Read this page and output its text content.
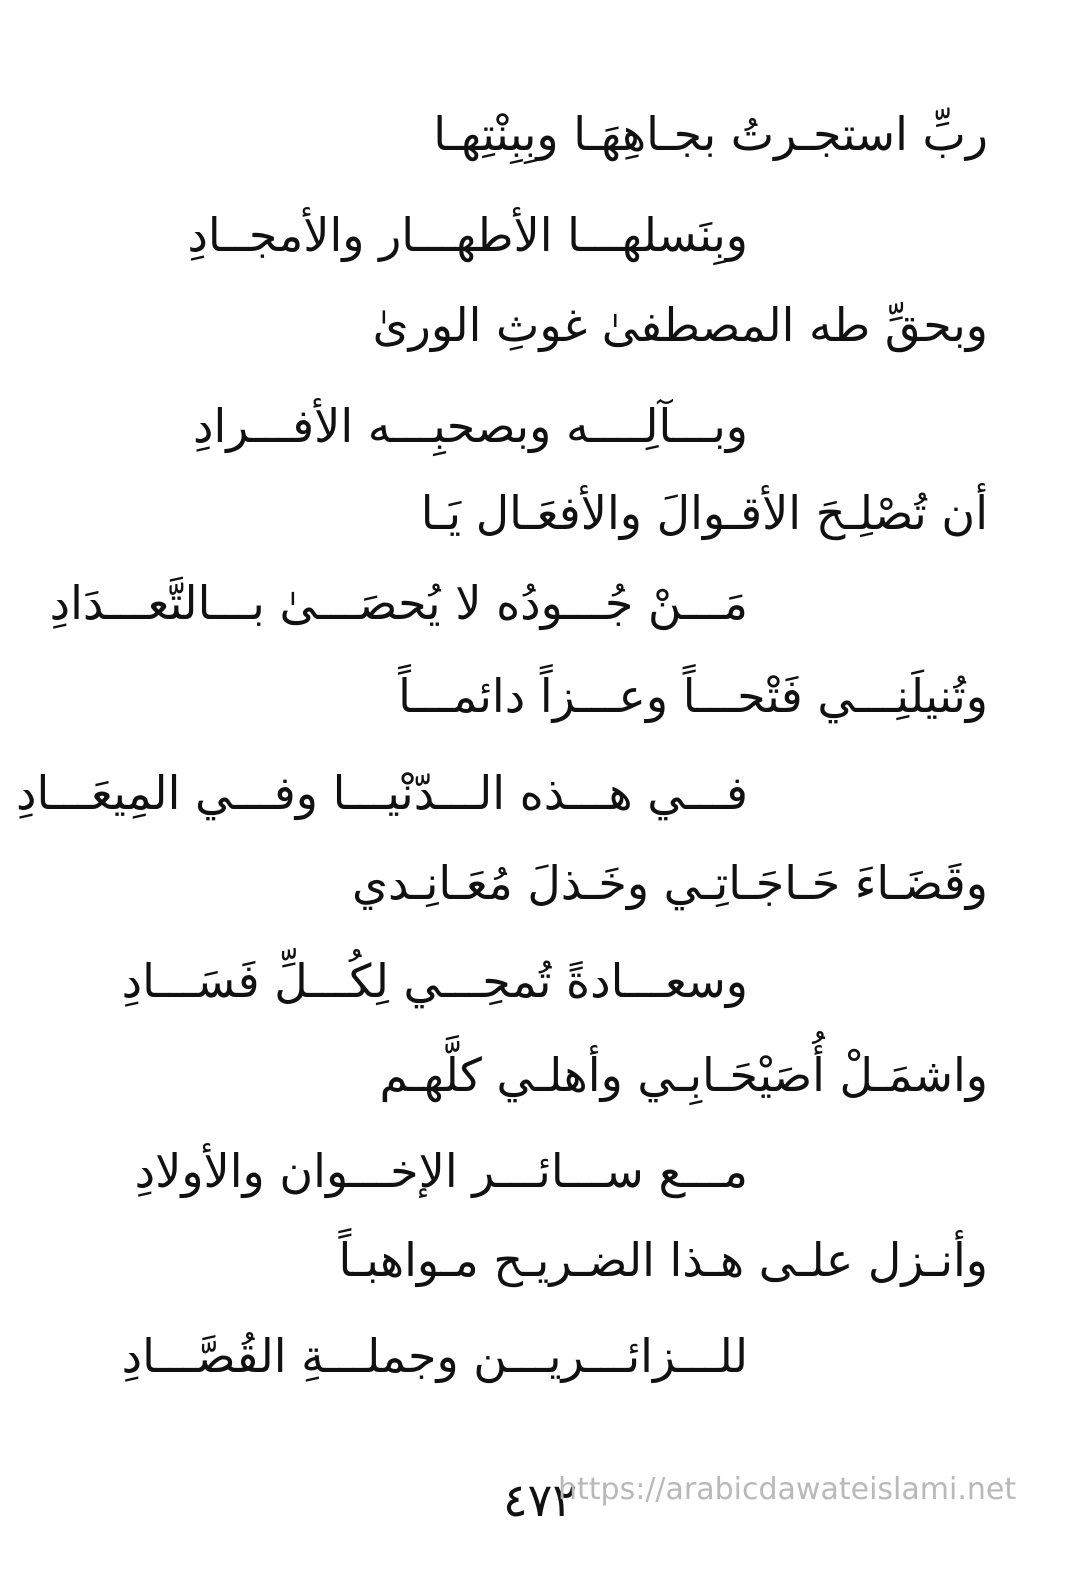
ربِّ استجـرتُ بجـاهِهَـا وبِبِنْتِهـا
وبِنَسلهـــا الأطهـــار والأمجــادِ
وبحقِّ طه المصطفىٰ غوثِ الورىٰ
وبـــآلِــــه وبصحبِـــه الأفـــرادِ
أن تُصْلِـحَ الأقـوالَ والأفعَـال يَـا
مَـــنْ جُـــودُه لا يُحصَـــىٰ بـــالتَّعـــدَادِ
وتُنيلَنِـــي فَتْحـــاً وعـــزاً دائمـــاً
فـــي هـــذه الـــدّنْيـــا وفـــي المِيعَـــادِ
وقَضَـاءَ حَـاجَـاتِـي وخَـذلَ مُعَـانِـدي
وسعـــادةً تُمحِـــي لِكُـــلِّ فَسَـــادِ
واشمَـلْ أُصَيْحَـابِـي وأهلـي كلَّهـم
مـــع ســـائـــر الإخـــوان والأولادِ
وأنـزل علـى هـذا الضـريـح مـواهبـاً
للـــزائـــريـــن وجملـــةِ القُصَّـــادِ
٤٧٢
https://arabicdawateislami.net
